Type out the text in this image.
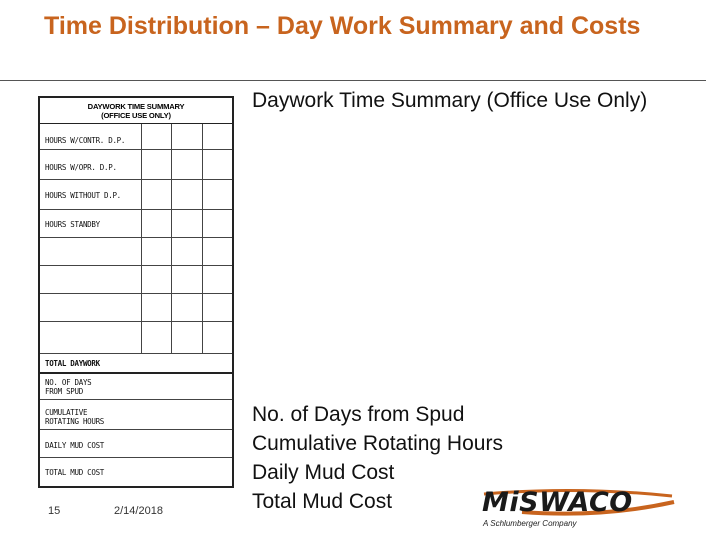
Time Distribution – Day Work Summary and Costs
DAYWORK TIME SUMMARY
(OFFICE USE ONLY)
HOURS W/CONTR. D.P.
HOURS W/OPR. D.P.
HOURS WITHOUT D.P.
HOURS STANDBY
TOTAL DAYWORK
NO. OF DAYS
FROM SPUD
CUMULATIVE
ROTATING HOURS
DAILY MUD COST
TOTAL MUD COST
Daywork Time Summary (Office Use Only)
No. of Days from Spud
Cumulative Rotating Hours
Daily Mud Cost
Total Mud Cost
15	2/14/2018	MiSWACO
A Schlumberger Company
